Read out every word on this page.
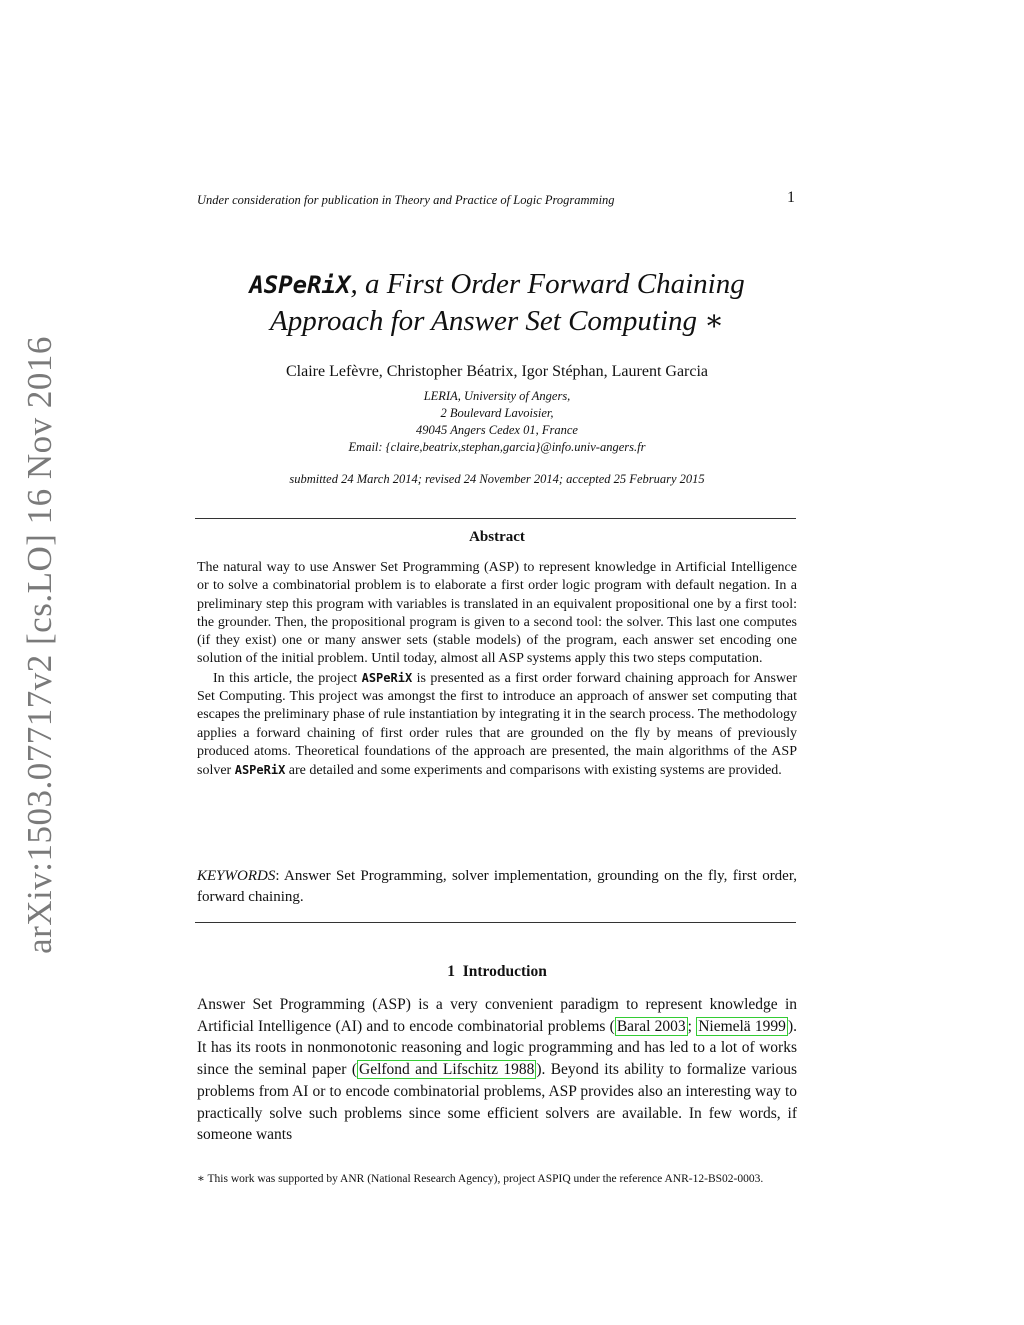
arXiv:1503.07717v2 [cs.LO] 16 Nov 2016
Under consideration for publication in Theory and Practice of Logic Programming	1
ASPeRiX, a First Order Forward Chaining
Approach for Answer Set Computing ∗
Claire Lefèvre, Christopher Béatrix, Igor Stéphan, Laurent Garcia
LERIA, University of Angers,
2 Boulevard Lavoisier,
49045 Angers Cedex 01, France
Email: {claire,beatrix,stephan,garcia}@info.univ-angers.fr
submitted 24 March 2014; revised 24 November 2014; accepted 25 February 2015
Abstract

The natural way to use Answer Set Programming (ASP) to represent knowledge in Artificial Intelligence or to solve a combinatorial problem is to elaborate a first order logic program with default negation. In a preliminary step this program with variables is translated in an equivalent propositional one by a first tool: the grounder. Then, the propositional program is given to a second tool: the solver. This last one computes (if they exist) one or many answer sets (stable models) of the program, each answer set encoding one solution of the initial problem. Until today, almost all ASP systems apply this two steps computation.

In this article, the project ASPeRiX is presented as a first order forward chaining approach for Answer Set Computing. This project was amongst the first to introduce an approach of answer set computing that escapes the preliminary phase of rule instantiation by integrating it in the search process. The methodology applies a forward chaining of first order rules that are grounded on the fly by means of previously produced atoms. Theoretical foundations of the approach are presented, the main algorithms of the ASP solver ASPeRiX are detailed and some experiments and comparisons with existing systems are provided.

KEYWORDS: Answer Set Programming, solver implementation, grounding on the fly, first order, forward chaining.
1 Introduction

Answer Set Programming (ASP) is a very convenient paradigm to represent knowledge in Artificial Intelligence (AI) and to encode combinatorial problems ( Baral 2003 ; Niemelä 1999 ). It has its roots in nonmonotonic reasoning and logic programming and has led to a lot of works since the seminal paper ( Gelfond and Lifschitz 1988 ). Beyond its ability to formalize various problems from AI or to encode combinatorial problems, ASP provides also an interesting way to practically solve such problems since some efficient solvers are available. In few words, if someone wants

∗ This work was supported by ANR (National Research Agency), project ASPIQ under the reference ANR-12-BS02-0003.
